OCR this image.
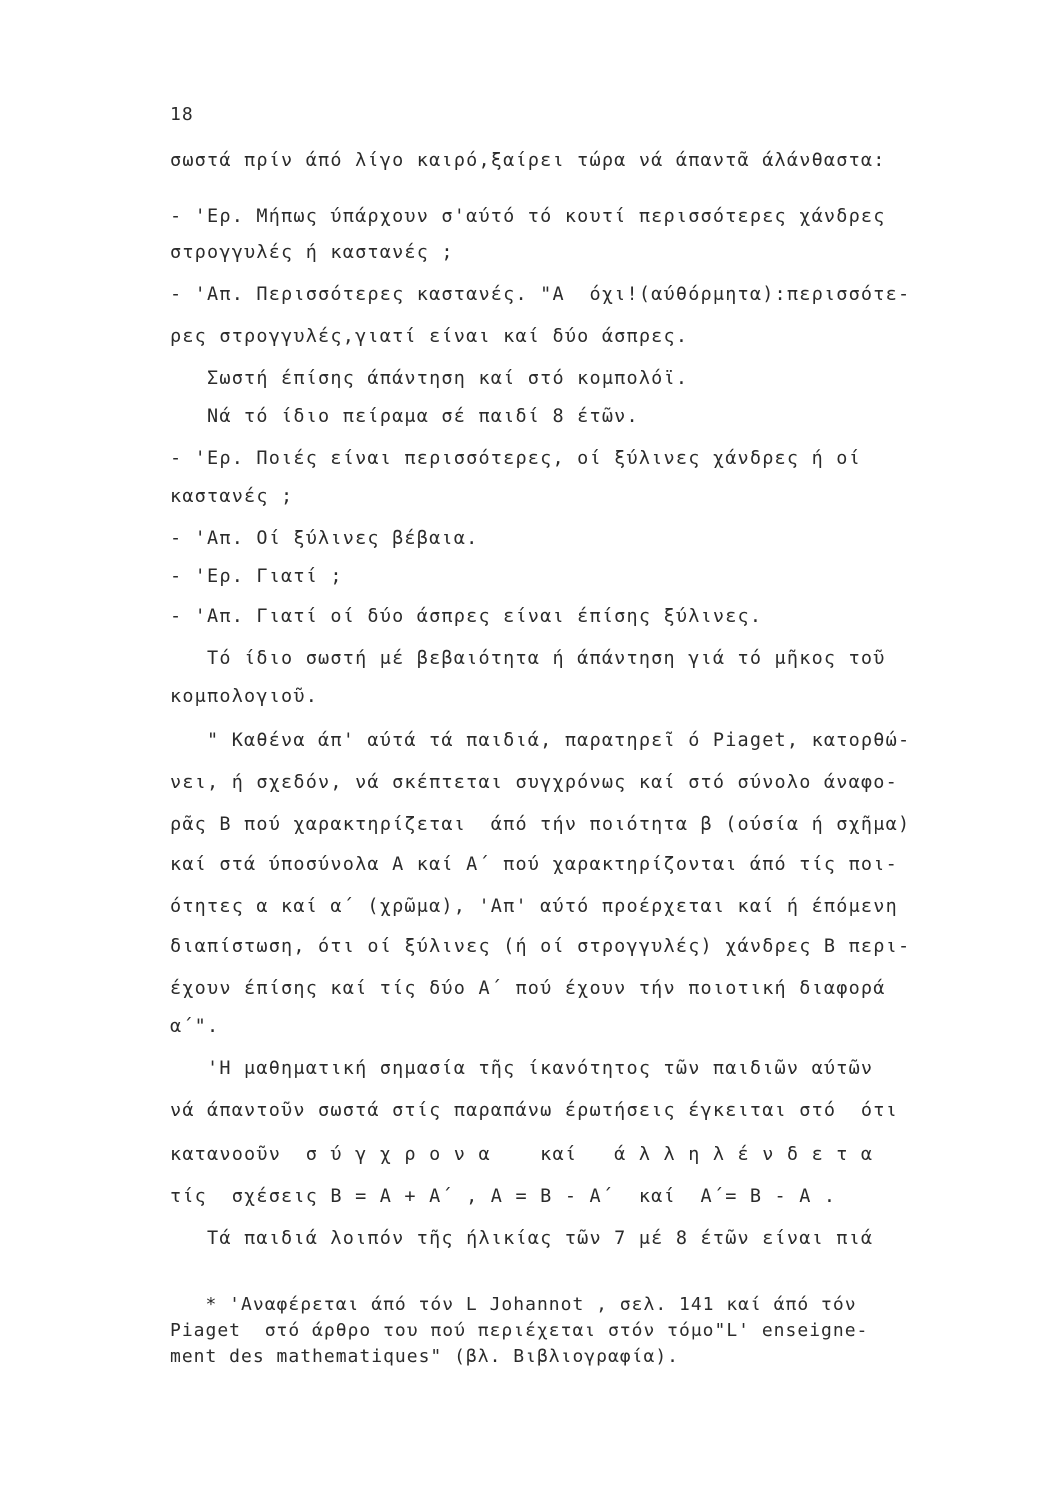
18
σωστά πρίν άπό λίγο καιρό,ξαίρει τώρα νά άπαντᾶ άλάνθαστα:
- 'Ερ. Μήπως ύπάρχουν σ'αύτό τό κουτί περισσότερες χάνδρες
στρογγυλές ή καστανές ;
- 'Απ. Περισσότερες καστανές. "Α  όχι!(αύθόρμητα):περισσότε-
ρες στρογγυλές,γιατί είναι καί δύο άσπρες.
Σωστή έπίσης άπάντηση καί στό κομπολόϊ.
Νά τό ίδιο πείραμα σέ παιδί 8 έτῶν.
- 'Ερ. Ποιές είναι περισσότερες, οί ξύλινες χάνδρες ή οί
καστανές ;
- 'Απ. Οί ξύλινες βέβαια.
- 'Ερ. Γιατί ;
- 'Απ. Γιατί οί δύο άσπρες είναι έπίσης ξύλινες.
Τό ίδιο σωστή μέ βεβαιότητα ή άπάντηση γιά τό μῆκος τοῦ
κομπολογιοῦ.
" Καθένα άπ' αύτά τά παιδιά, παρατηρεῖ ό Piaget, κατορθώ-
νει, ή σχεδόν, νά σκέπτεται συγχρόνως καί στό σύνολο άναφο-
ρᾶς Β πού χαρακτηρίζεται  άπό τήν ποιότητα β (ούσία ή σχῆμα)
καί στά ύποσύνολα Α καί Α΄ πού χαρακτηρίζονται άπό τίς ποι-
ότητες α καί α΄ (χρῶμα), 'Απ' αύτό προέρχεται καί ή έπόμενη
διαπίστωση, ότι οί ξύλινες (ή οί στρογγυλές) χάνδρες Β περι-
έχουν έπίσης καί τίς δύο Α΄ πού έχουν τήν ποιοτική διαφορά
α΄".
'Η μαθηματική σημασία τῆς ίκανότητος τῶν παιδιῶν αύτῶν
νά άπαντοῦν σωστά στίς παραπάνω έρωτήσεις έγκειται στό  ότι
κατανοοῦν  σ ύ γ χ ρ ο ν α    καί   ά λ λ η λ έ ν δ ε τ α
τίς  σχέσεις Β = Α + Α΄ , Α = Β - Α΄  καί  Α΄= Β - Α .
Τά παιδιά λοιπόν τῆς ήλικίας τῶν 7 μέ 8 έτῶν είναι πιά
* 'Αναφέρεται άπό τόν L Johannot , σελ. 141 καί άπό τόν
Piaget  στό άρθρο του πού περιέχεται στόν τόμο"L' enseigne-
ment des mathematiques" (βλ. Βιβλιογραφία).
